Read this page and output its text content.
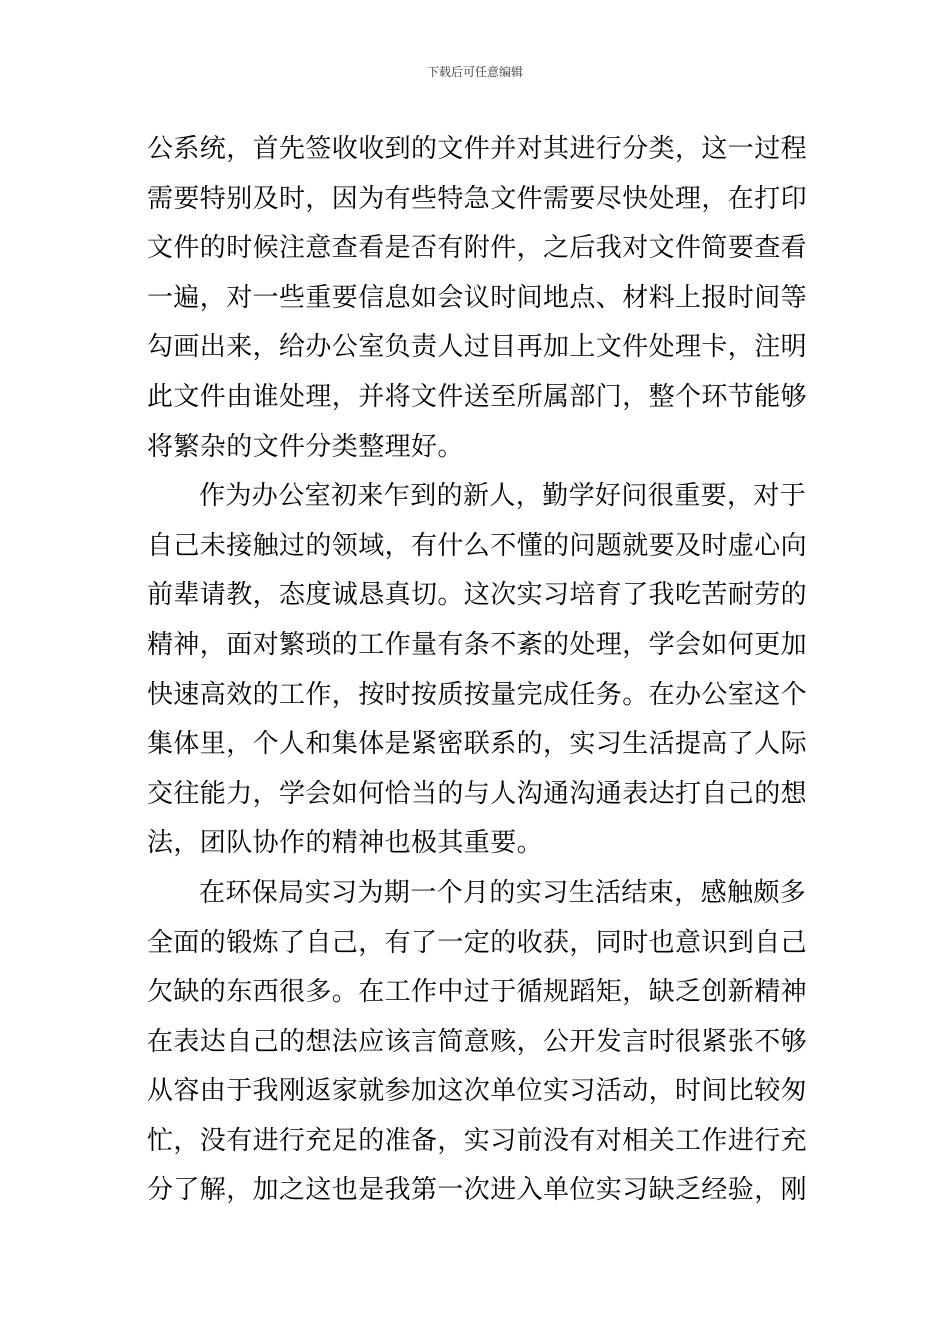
下载后可任意编辑
公系统，首先签收收到的文件并对其进行分类，这一过程
需要特别及时，因为有些特急文件需要尽快处理，在打印
文件的时候注意查看是否有附件，之后我对文件简要查看
一遍，对一些重要信息如会议时间地点、材料上报时间等
勾画出来，给办公室负责人过目再加上文件处理卡，注明
此文件由谁处理，并将文件送至所属部门，整个环节能够
将繁杂的文件分类整理好。
作为办公室初来乍到的新人，勤学好问很重要，对于
自己未接触过的领域，有什么不懂的问题就要及时虚心向
前辈请教，态度诚恳真切。这次实习培育了我吃苦耐劳的
精神，面对繁琐的工作量有条不紊的处理，学会如何更加
快速高效的工作，按时按质按量完成任务。在办公室这个
集体里，个人和集体是紧密联系的，实习生活提高了人际
交往能力，学会如何恰当的与人沟通沟通表达打自己的想
法，团队协作的精神也极其重要。
在环保局实习为期一个月的实习生活结束，感触颇多
全面的锻炼了自己，有了一定的收获，同时也意识到自己
欠缺的东西很多。在工作中过于循规蹈矩，缺乏创新精神
在表达自己的想法应该言简意赅，公开发言时很紧张不够
从容由于我刚返家就参加这次单位实习活动，时间比较匆
忙，没有进行充足的准备，实习前没有对相关工作进行充
分了解，加之这也是我第一次进入单位实习缺乏经验，刚
